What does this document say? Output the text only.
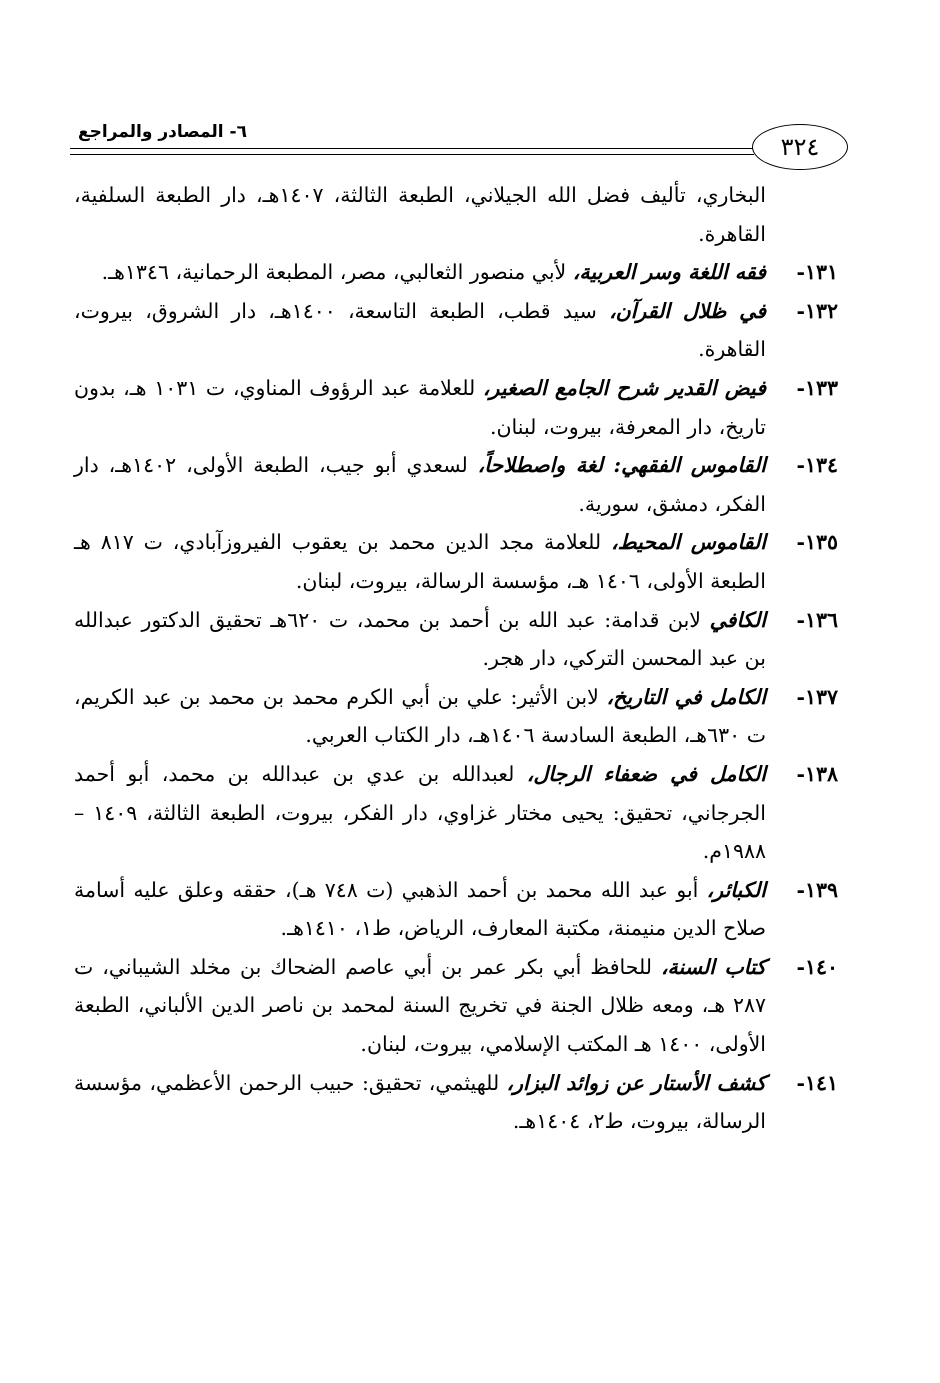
٦- المصادر والمراجع
٣٢٤
البخاري، تأليف فضل الله الجيلاني، الطبعة الثالثة، ١٤٠٧هـ، دار الطبعة السلفية، القاهرة.
١٣١-
فقه اللغة وسر العربية، لأبي منصور الثعالبي، مصر، المطبعة الرحمانية، ١٣٤٦هـ.
١٣٢-
في ظلال القرآن، سيد قطب، الطبعة التاسعة، ١٤٠٠هـ، دار الشروق، بيروت، القاهرة.
١٣٣-
فيض القدير شرح الجامع الصغير، للعلامة عبد الرؤوف المناوي، ت ١٠٣١ هـ، بدون تاريخ، دار المعرفة، بيروت، لبنان.
١٣٤-
القاموس الفقهي: لغة واصطلاحاً، لسعدي أبو جيب، الطبعة الأولى، ١٤٠٢هـ، دار الفكر، دمشق، سورية.
١٣٥-
القاموس المحيط، للعلامة مجد الدين محمد بن يعقوب الفيروزآبادي، ت ٨١٧ هـ الطبعة الأولى، ١٤٠٦ هـ، مؤسسة الرسالة، بيروت، لبنان.
١٣٦-
الكافي لابن قدامة: عبد الله بن أحمد بن محمد، ت ٦٢٠هـ تحقيق الدكتور عبدالله بن عبد المحسن التركي، دار هجر.
١٣٧-
الكامل في التاريخ، لابن الأثير: علي بن أبي الكرم محمد بن محمد بن عبد الكريم، ت ٦٣٠هـ، الطبعة السادسة ١٤٠٦هـ، دار الكتاب العربي.
١٣٨-
الكامل في ضعفاء الرجال، لعبدالله بن عدي بن عبدالله بن محمد، أبو أحمد الجرجاني، تحقيق: يحيى مختار غزاوي، دار الفكر، بيروت، الطبعة الثالثة، ١٤٠٩ – ١٩٨٨م.
١٣٩-
الكبائر، أبو عبد الله محمد بن أحمد الذهبي (ت ٧٤٨ هـ)، حققه وعلق عليه أسامة صلاح الدين منيمنة، مكتبة المعارف، الرياض، ط١، ١٤١٠هـ.
١٤٠-
كتاب السنة، للحافظ أبي بكر عمر بن أبي عاصم الضحاك بن مخلد الشيباني، ت ٢٨٧ هـ، ومعه ظلال الجنة في تخريج السنة لمحمد بن ناصر الدين الألباني، الطبعة الأولى، ١٤٠٠ هـ المكتب الإسلامي، بيروت، لبنان.
١٤١-
كشف الأستار عن زوائد البزار، للهيثمي، تحقيق: حبيب الرحمن الأعظمي، مؤسسة الرسالة، بيروت، ط٢، ١٤٠٤هـ.
